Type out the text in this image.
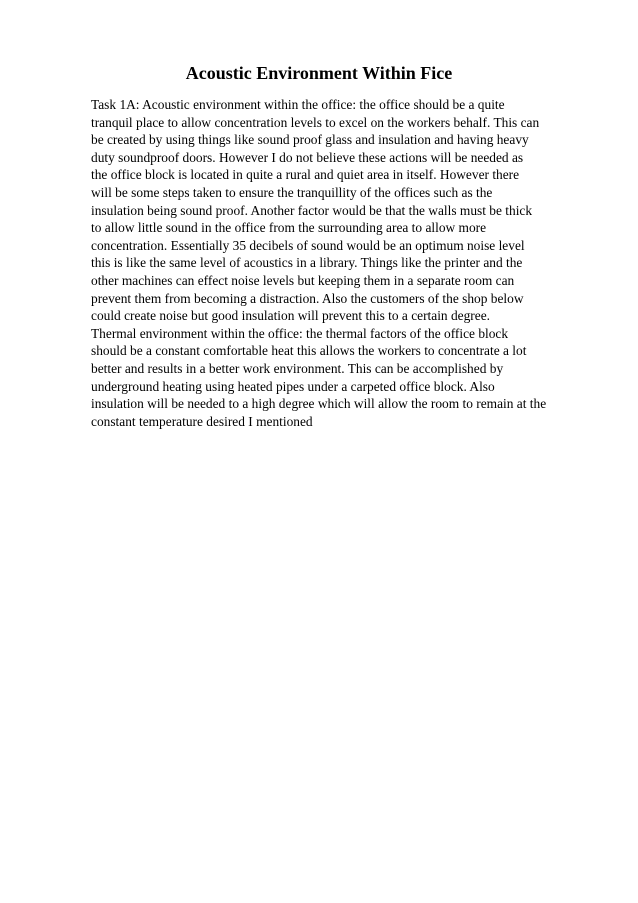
Acoustic Environment Within Fice
Task 1A: Acoustic environment within the office: the office should be a quite
tranquil place to allow concentration levels to excel on the workers behalf. This can
be created by using things like sound proof glass and insulation and having heavy
duty soundproof doors. However I do not believe these actions will be needed as
the office block is located in quite a rural and quiet area in itself. However there
will be some steps taken to ensure the tranquillity of the offices such as the
insulation being sound proof. Another factor would be that the walls must be thick
to allow little sound in the office from the surrounding area to allow more
concentration. Essentially 35 decibels of sound would be an optimum noise level
this is like the same level of acoustics in a library. Things like the printer and the
other machines can effect noise levels but keeping them in a separate room can
prevent them from becoming a distraction. Also the customers of the shop below
could create noise but good insulation will prevent this to a certain degree.
Thermal environment within the office: the thermal factors of the office block
should be a constant comfortable heat this allows the workers to concentrate a lot
better and results in a better work environment. This can be accomplished by
underground heating using heated pipes under a carpeted office block. Also
insulation will be needed to a high degree which will allow the room to remain at the
constant temperature desired I mentioned
